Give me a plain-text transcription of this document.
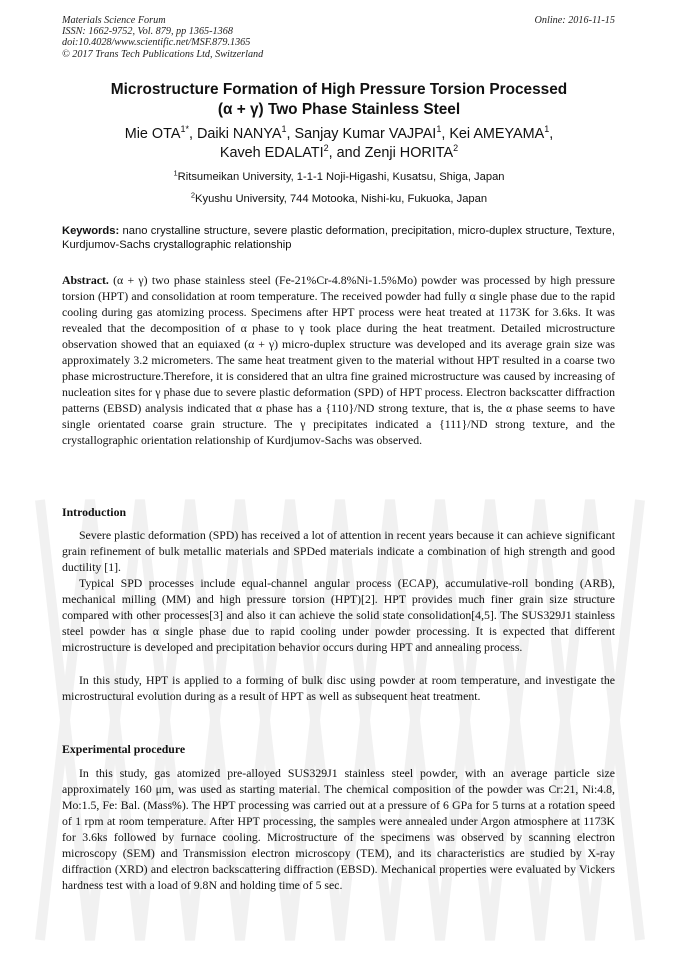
Materials Science Forum
ISSN: 1662-9752, Vol. 879, pp 1365-1368
doi:10.4028/www.scientific.net/MSF.879.1365
© 2017 Trans Tech Publications Ltd, Switzerland
Online: 2016-11-15
Microstructure Formation of High Pressure Torsion Processed
(α + γ) Two Phase Stainless Steel
Mie $OTA^{1*}$, Daiki NANYA$^1$, Sanjay Kumar VAJPAI$^1$, Kei AMEYAMA$^1$,
Kaveh EDALATI$^2$, and Zenji HORITA$^2$
$^1$Ritsumeikan University, 1-1-1 Noji-Higashi, Kusatsu, Shiga, Japan
$^2$Kyushu University, 744 Motooka, Nishi-ku, Fukuoka, Japan
Keywords: nano crystalline structure, severe plastic deformation, precipitation, micro-duplex structure, Texture, Kurdjumov-Sachs crystallographic relationship
Abstract. (α + γ) two phase stainless steel (Fe-21%Cr-4.8%Ni-1.5%Mo) powder was processed by high pressure torsion (HPT) and consolidation at room temperature. The received powder had fully α single phase due to the rapid cooling during gas atomizing process. Specimens after HPT process were heat treated at 1173K for 3.6ks. It was revealed that the decomposition of α phase to γ took place during the heat treatment. Detailed microstructure observation showed that an equiaxed (α + γ) micro-duplex structure was developed and its average grain size was approximately 3.2 micrometers. The same heat treatment given to the material without HPT resulted in a coarse two phase microstructure.Therefore, it is considered that an ultra fine grained microstructure was caused by increasing of nucleation sites for γ phase due to severe plastic deformation (SPD) of HPT process. Electron backscatter diffraction patterns (EBSD) analysis indicated that α phase has a {110}/ND strong texture, that is, the α phase seems to have single orientated coarse grain structure. The γ precipitates indicated a {111}/ND strong texture, and the crystallographic orientation relationship of Kurdjumov-Sachs was observed.
Introduction
Severe plastic deformation (SPD) has received a lot of attention in recent years because it can achieve significant grain refinement of bulk metallic materials and SPDed materials indicate a combination of high strength and good ductility [1].
Typical SPD processes include equal-channel angular process (ECAP), accumulative-roll bonding (ARB), mechanical milling (MM) and high pressure torsion (HPT)[2]. HPT provides much finer grain size structure compared with other processes[3] and also it can achieve the solid state consolidation[4,5]. The SUS329J1 stainless steel powder has α single phase due to rapid cooling under powder processing. It is expected that different microstructure is developed and precipitation behavior occurs during HPT and annealing process.
In this study, HPT is applied to a forming of bulk disc using powder at room temperature, and investigate the microstructural evolution during as a result of HPT as well as subsequent heat treatment.
Experimental procedure
In this study, gas atomized pre-alloyed SUS329J1 stainless steel powder, with an average particle size approximately 160 μm, was used as starting material. The chemical composition of the powder was Cr:21, Ni:4.8, Mo:1.5, Fe: Bal. (Mass%). The HPT processing was carried out at a pressure of 6 GPa for 5 turns at a rotation speed of 1 rpm at room temperature. After HPT processing, the samples were annealed under Argon atmosphere at 1173K for 3.6ks followed by furnace cooling. Microstructure of the specimens was observed by scanning electron microscopy (SEM) and Transmission electron microscopy (TEM), and its characteristics are studied by X-ray diffraction (XRD) and electron backscattering diffraction (EBSD). Mechanical properties were evaluated by Vickers hardness test with a load of 9.8N and holding time of 5 sec.
